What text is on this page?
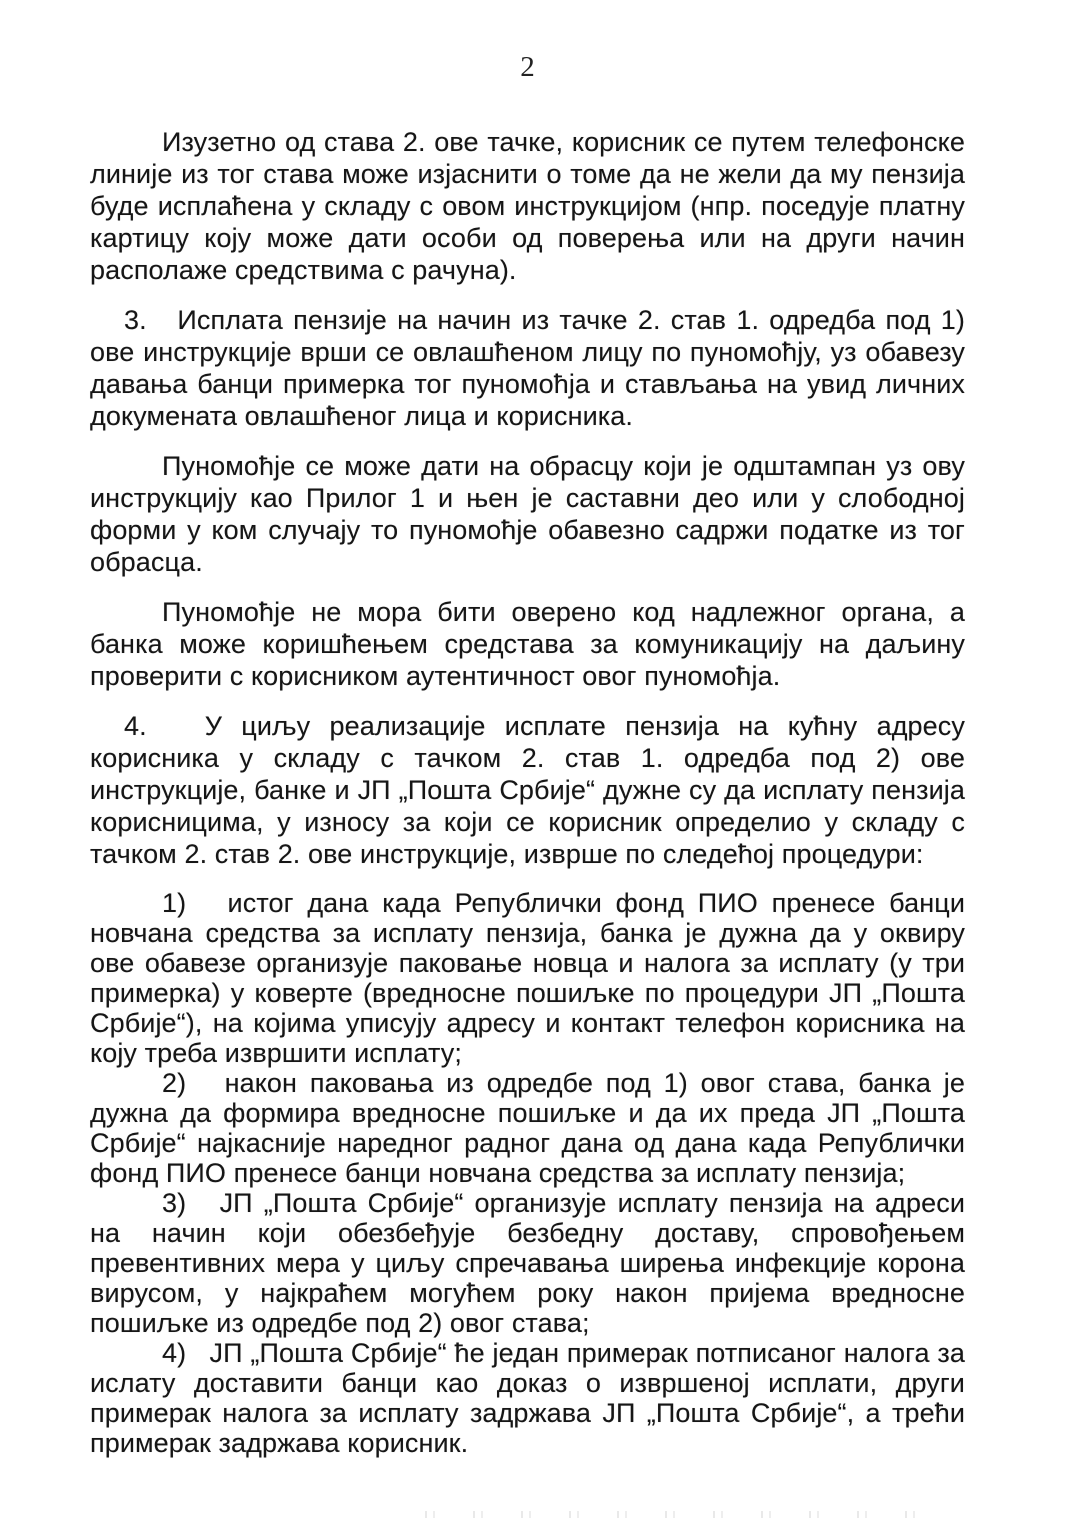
2

Изузетно од става 2. ове тачке, корисник се путем телефонске линије из тог става може изјаснити о томе да не жели да му пензија буде исплаћена у складу с овом инструкцијом (нпр. поседује платну картицу коју може дати особи од поверења или на други начин располаже средствима с рачуна).

3.   Исплата пензије на начин из тачке 2. став 1. одредба под 1) ове инструкције врши се овлашћеном лицу по пуномоћју, уз обавезу давања банци примерка тог пуномоћја и стављања на увид личних докумената овлашћеног лица и корисника.

Пуномоћје се може дати на обрасцу који је одштампан уз ову инструкцију као Прилог 1 и њен је саставни део или у слободној форми у ком случају то пуномоћје обавезно садржи податке из тог обрасца.

Пуномоћје не мора бити оверено код надлежног органа, а банка може коришћењем средстава за комуникацију на даљину проверити с корисником аутентичност овог пуномоћја.

4.   У циљу реализације исплате пензија на кућну адресу корисника у складу с тачком 2. став 1. одредба под 2) ове инструкције, банке и ЈП „Пошта Србије“ дужне су да исплату пензија корисницима, у износу за који се корисник определио у складу с тачком 2. став 2. ове инструкције, изврше по следећој процедури:

1)   истог дана када Републички фонд ПИО пренесе банци новчана средства за исплату пензија, банка је дужна да у оквиру ове обавезе организује паковање новца и налога за исплату (у три примерка) у коверте (вредносне пошиљке по процедури ЈП „Пошта Србије“), на којима уписују адресу и контакт телефон корисника на коју треба извршити исплату;

2)   након паковања из одредбе под 1) овог става, банка је дужна да формира вредносне пошиљке и да их преда ЈП „Пошта Србије“ најкасније наредног радног дана од дана када Републички фонд ПИО пренесе банци новчана средства за исплату пензија;

3)   ЈП „Пошта Србије“ организује исплату пензија на адреси на начин који обезбеђује безбедну доставу, спровођењем превентивних мера у циљу спречавања ширења инфекције корона вирусом, у најкраћем могућем року након пријема вредносне пошиљке из одредбе под 2) овог става;

4)   ЈП „Пошта Србије“ ће један примерак потписаног налога за ислату доставити банци као доказ о извршеној исплати, други примерак налога за исплату задржава ЈП „Пошта Србије“, а трећи примерак задржава корисник.
